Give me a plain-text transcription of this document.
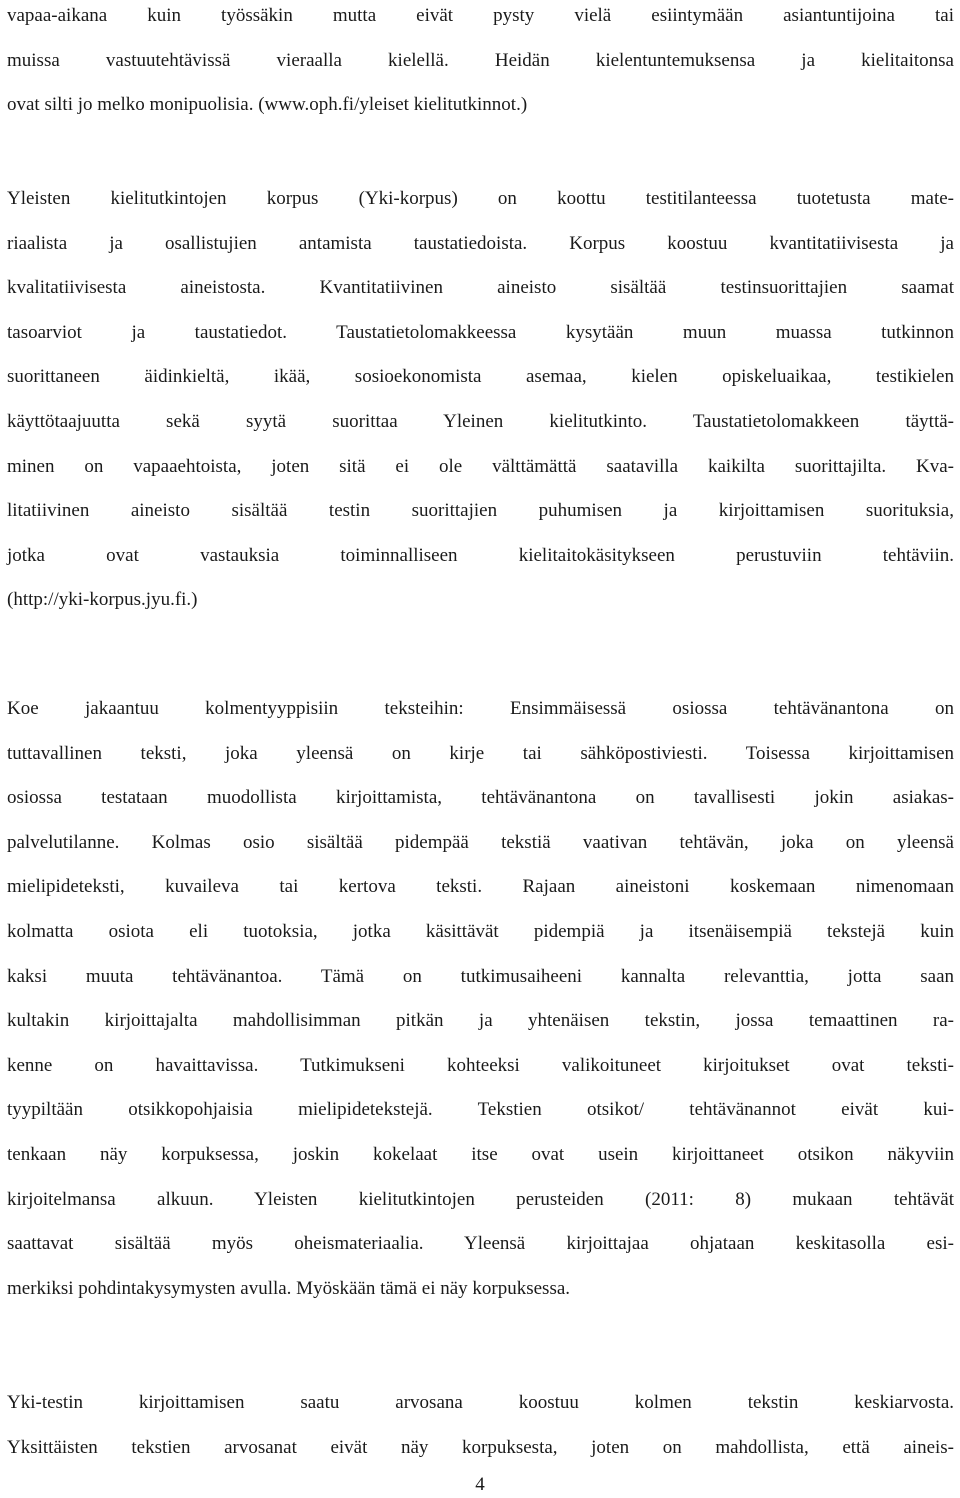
vapaa-aikana kuin työssäkin mutta eivät pysty vielä esiintymään asiantuntijoina tai
muissa vastuutehtävissä vieraalla kielellä. Heidän kielentuntemuksensa ja kielitaitonsa
ovat silti jo melko monipuolisia. (www.oph.fi/yleiset kielitutkinnot.)

Yleisten kielitutkintojen korpus (Yki-korpus) on koottu testitilanteessa tuotetusta mate-
riaalista ja osallistujien antamista taustatiedoista. Korpus koostuu kvantitatiivisesta ja
kvalitatiivisesta aineistosta. Kvantitatiivinen aineisto sisältää testinsuorittajien saamat
tasoarviot ja taustatiedot. Taustatietolomakkeessa kysytään muun muassa tutkinnon
suorittaneen äidinkieltä, ikää, sosioekonomista asemaa, kielen opiskeluaikaa, testikielen
käyttötaajuutta sekä syytä suorittaa Yleinen kielitutkinto. Taustatietolomakkeen täyttä-
minen on vapaaehtoista, joten sitä ei ole välttämättä saatavilla kaikilta suorittajilta. Kva-
litatiivinen aineisto sisältää testin suorittajien puhumisen ja kirjoittamisen suorituksia,
jotka ovat vastauksia toiminnalliseen kielitaitokäsitykseen perustuviin tehtäviin.
(http://yki-korpus.jyu.fi.)

Koe jakaantuu kolmentyyppisiin teksteihin: Ensimmäisessä osiossa tehtävänantona on
tuttavallinen teksti, joka yleensä on kirje tai sähköpostiviesti. Toisessa kirjoittamisen
osiossa testataan muodollista kirjoittamista, tehtävänantona on tavallisesti jokin asiakas-
palvelutilanne. Kolmas osio sisältää pidempää tekstiä vaativan tehtävän, joka on yleensä
mielipideteksti, kuvaileva tai kertova teksti. Rajaan aineistoni koskemaan nimenomaan
kolmatta osiota eli tuotoksia, jotka käsittävät pidempiä ja itsenäisempiä tekstejä kuin
kaksi muuta tehtävänantoa. Tämä on tutkimusaiheeni kannalta relevanttia, jotta saan
kultakin kirjoittajalta mahdollisimman pitkän ja yhtenäisen tekstin, jossa temaattinen ra-
kenne on havaittavissa. Tutkimukseni kohteeksi valikoituneet kirjoitukset ovat teksti-
tyypiltään otsikkopohjaisia mielipidetekstejä. Tekstien otsikot/ tehtävänannot eivät kui-
tenkaan näy korpuksessa, joskin kokelaat itse ovat usein kirjoittaneet otsikon näkyviin
kirjoitelmansa alkuun. Yleisten kielitutkintojen perusteiden (2011: 8) mukaan tehtävät
saattavat sisältää myös oheismateriaalia. Yleensä kirjoittajaa ohjataan keskitasolla esi-
merkiksi pohdintakysymysten avulla. Myöskään tämä ei näy korpuksessa.

Yki-testin kirjoittamisen saatu arvosana koostuu kolmen tekstin keskiarvosta.
Yksittäisten tekstien arvosanat eivät näy korpuksesta, joten on mahdollista, että aineis-

4
